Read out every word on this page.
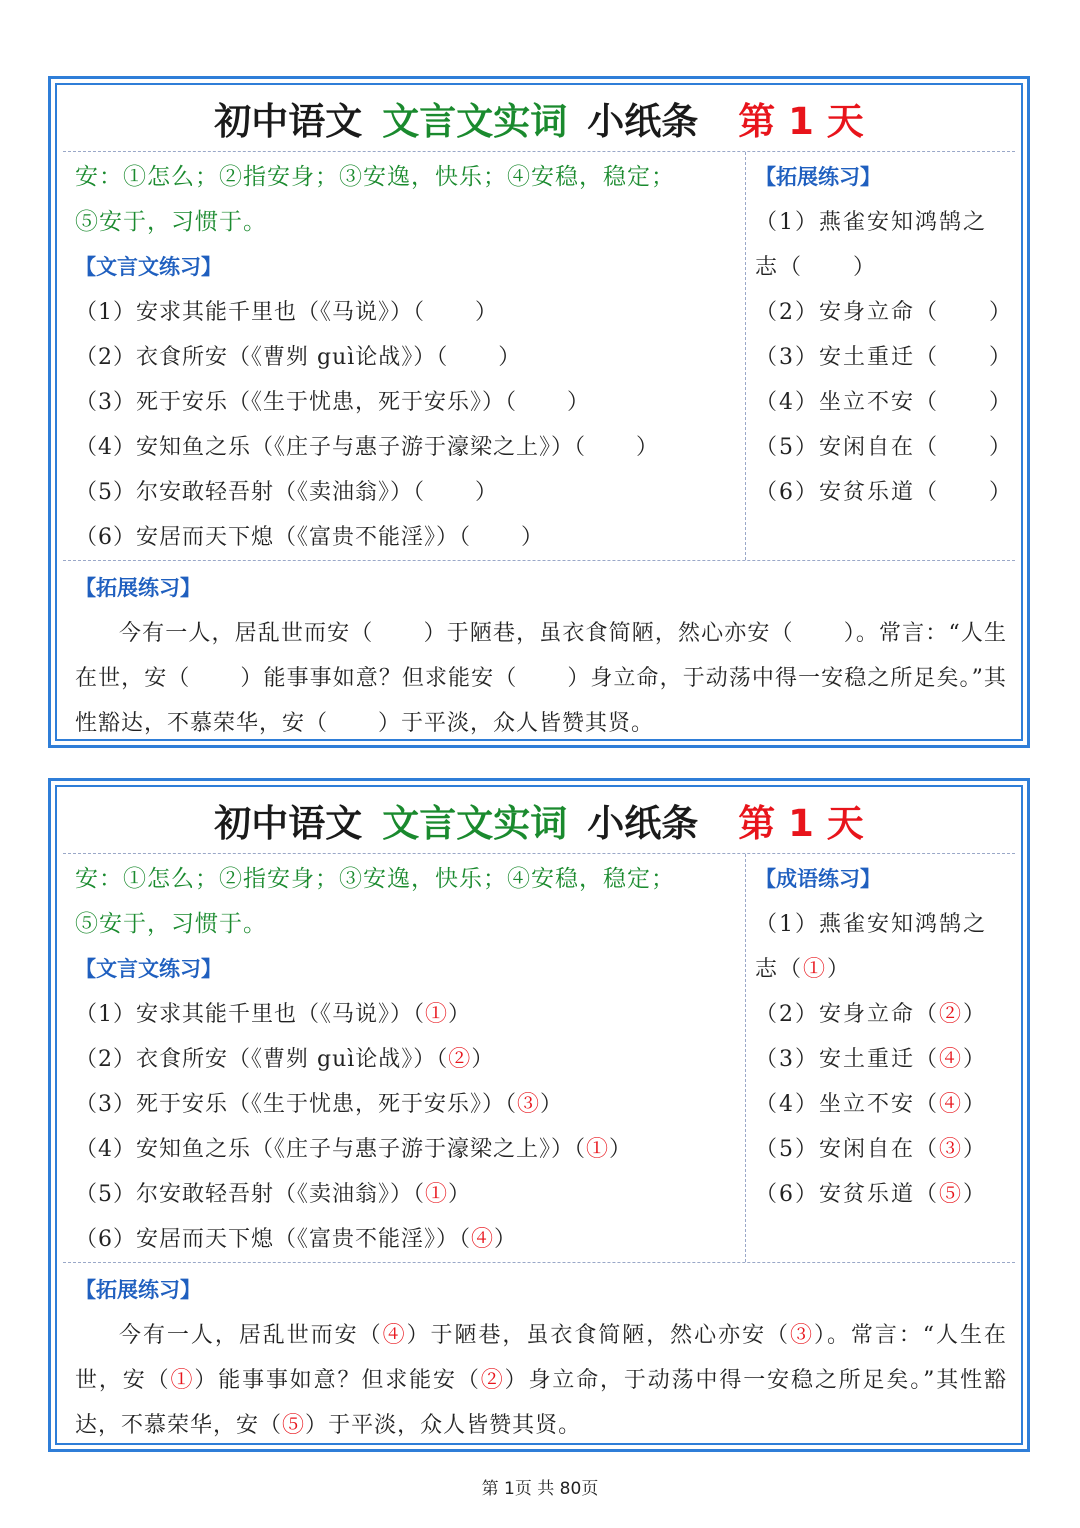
初中语文 文言文实词 小纸条 第 1 天
安：①怎么；②指安身；③安逸，快乐；④安稳，稳定；
⑤安于，习惯于。
【文言文练习】
（1）安求其能千里也（《马说》）（ ）
（2）衣食所安（《曹刿 guì论战》）（ ）
（3）死于安乐（《生于忧患，死于安乐》）（ ）
（4）安知鱼之乐（《庄子与惠子游于濠梁之上》）（ ）
（5）尔安敢轻吾射（《卖油翁》）（ ）
（6）安居而天下熄（《富贵不能淫》）（ ）
【拓展练习】
（1）燕雀安知鸿鹄之
志（ ）
（2）安身立命（ ）
（3）安土重迁（ ）
（4）坐立不安（ ）
（5）安闲自在（ ）
（6）安贫乐道（ ）
【拓展练习】
今有一人，居乱世而安（ ）于陋巷，虽衣食简陋，然心亦安（ ）。常言：“人生在世，安（ ）能事事如意？但求能安（ ）身立命，于动荡中得一安稳之所足矣。”其性豁达，不慕荣华，安（ ）于平淡，众人皆赞其贤。
初中语文 文言文实词 小纸条 第 1 天
安：①怎么；②指安身；③安逸，快乐；④安稳，稳定；
⑤安于，习惯于。
【文言文练习】
（1）安求其能千里也（《马说》）（①）
（2）衣食所安（《曹刿 guì论战》）（②）
（3）死于安乐（《生于忧患，死于安乐》）（③）
（4）安知鱼之乐（《庄子与惠子游于濠梁之上》）（①）
（5）尔安敢轻吾射（《卖油翁》）（①）
（6）安居而天下熄（《富贵不能淫》）（④）
【成语练习】
（1）燕雀安知鸿鹄之
志（①）
（2）安身立命（②）
（3）安土重迁（④）
（4）坐立不安（④）
（5）安闲自在（③）
（6）安贫乐道（⑤）
【拓展练习】
今有一人，居乱世而安（④）于陋巷，虽衣食简陋，然心亦安（③）。常言：“人生在世，安（①）能事事如意？但求能安（②）身立命，于动荡中得一安稳之所足矣。”其性豁达，不慕荣华，安（⑤）于平淡，众人皆赞其贤。
第 1页 共 80页
